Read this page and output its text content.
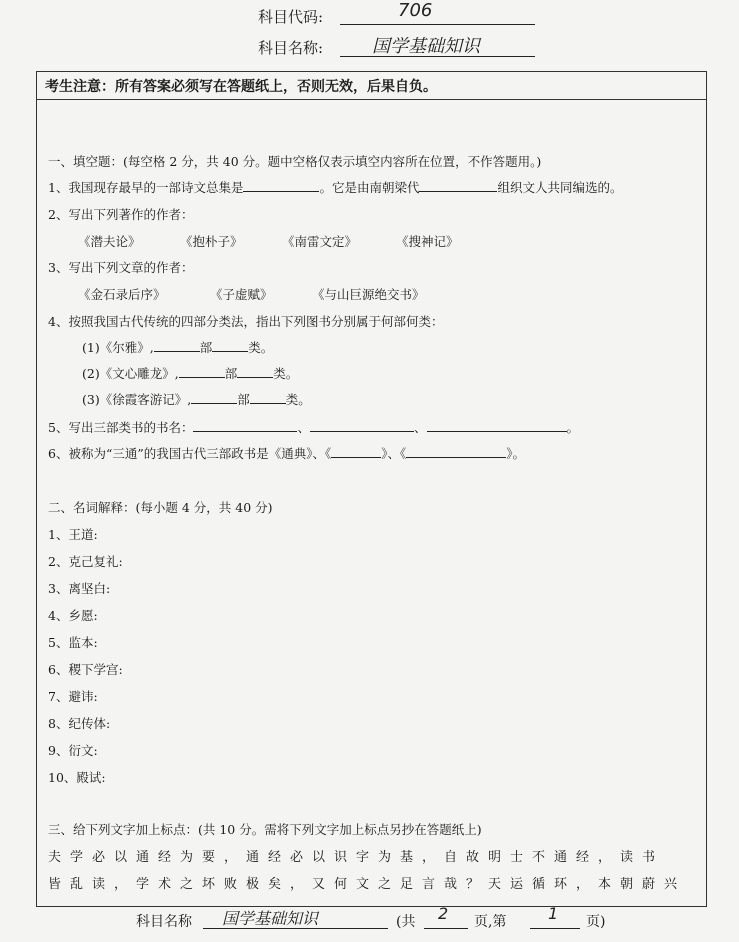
科目代码:	706
科目名称:	国学基础知识
考生注意：所有答案必须写在答题纸上，否则无效，后果自负。
一、填空题：(每空格 2 分，共 40 分。题中空格仅表示填空内容所在位置，不作答题用。)
1、我国现存最早的一部诗文总集是	。它是由南朝梁代	组织文人共同编选的。
2、写出下列著作的作者：
《潜夫论》	《抱朴子》	《南雷文定》	《搜神记》
3、写出下列文章的作者：
《金石录后序》	《子虚赋》	《与山巨源绝交书》
4、按照我国古代传统的四部分类法，指出下列图书分别属于何部何类：
(1)《尔雅》,	部	类。
(2)《文心雕龙》,	部	类。
(3)《徐霞客游记》,	部	类。
5、写出三部类书的书名：	、	、	。
6、被称为“三通”的我国古代三部政书是《通典》、《	》、《	》。
二、名词解释：(每小题 4 分，共 40 分)
1、王道:
2、克己复礼:
3、离坚白:
4、乡愿:
5、监本:
6、稷下学宫:
7、避讳:
8、纪传体:
9、衍文:
10、殿试:
三、给下列文字加上标点：(共 10 分。需将下列文字加上标点另抄在答题纸上)
夫学必以通经为要，通经必以识字为基，自故明士不通经，读书
皆乱读，学术之坏败极矣，又何文之足言哉？天运循环，本朝蔚兴
科目名称 国学基础知识	(共 2 页,第	1 页)
